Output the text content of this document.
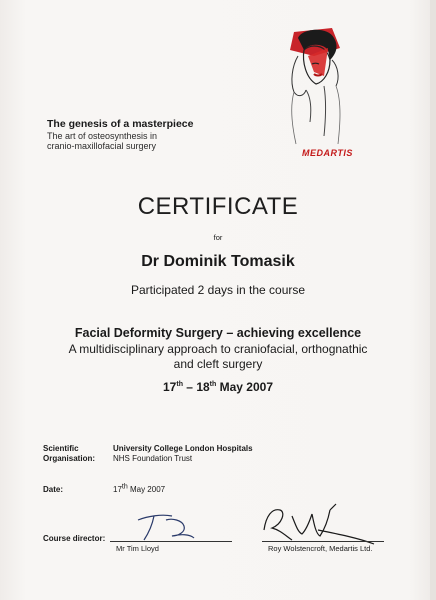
The genesis of a masterpiece
The art of osteosynthesis in
cranio-maxillofacial surgery
MEDARTIS
CERTIFICATE
for
Dr Dominik Tomasik
Participated 2 days in the course
Facial Deformity Surgery – achieving excellence
A multidisciplinary approach to craniofacial, orthognathic
and cleft surgery
17th – 18th May 2007
Scientific
Organisation:
University College London Hospitals
NHS Foundation Trust
Date:	17th May 2007
Course director:
Mr Tim Lloyd	Roy Wolstencroft, Medartis Ltd.
